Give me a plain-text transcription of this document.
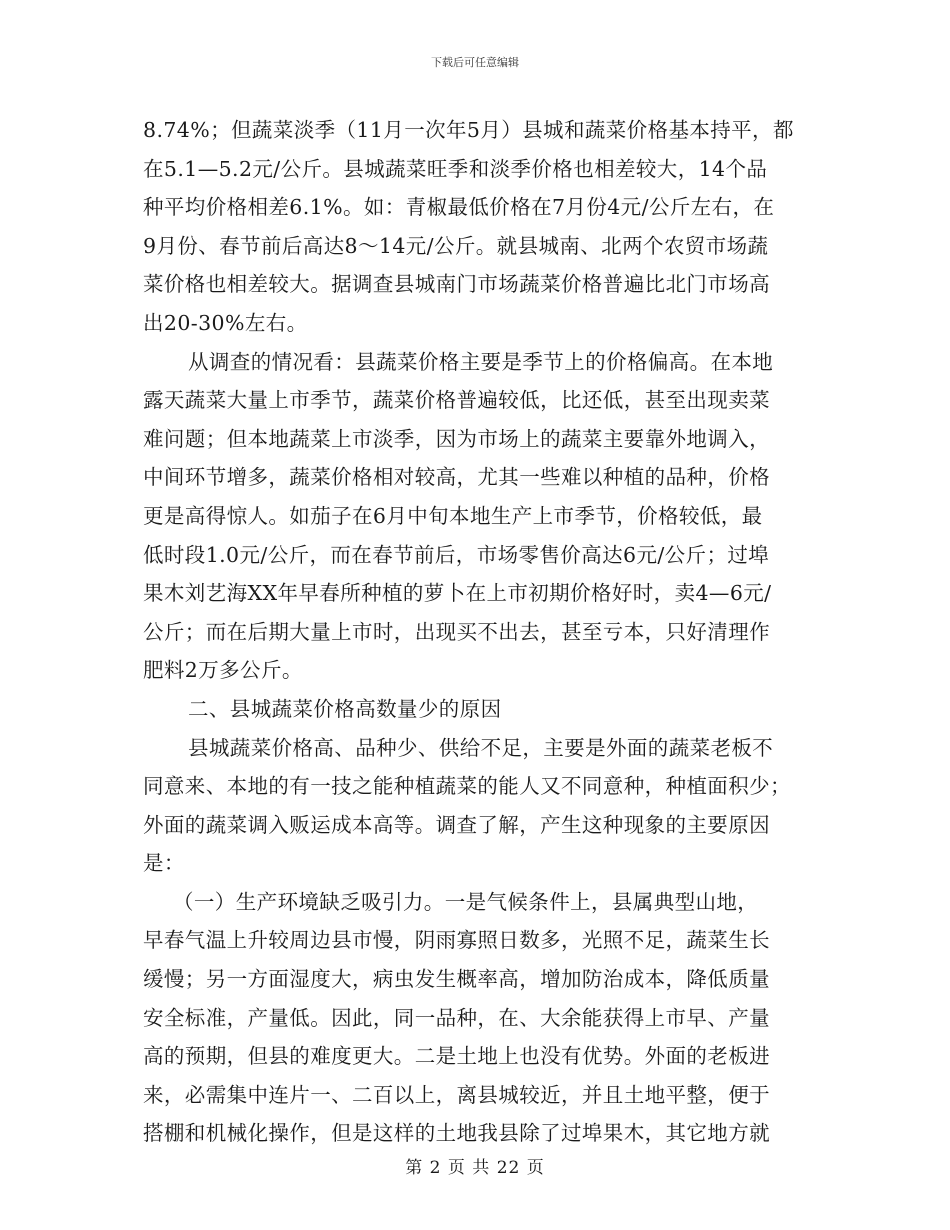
下载后可任意编辑
8.74%；但蔬菜淡季（11月一次年5月）县城和蔬菜价格基本持平，都
在5.1—5.2元/公斤。县城蔬菜旺季和淡季价格也相差较大，14个品
种平均价格相差6.1%。如：青椒最低价格在7月份4元/公斤左右，在
9月份、春节前后高达8～14元/公斤。就县城南、北两个农贸市场蔬
菜价格也相差较大。据调查县城南门市场蔬菜价格普遍比北门市场高
出20-30%左右。
从调查的情况看：县蔬菜价格主要是季节上的价格偏高。在本地
露天蔬菜大量上市季节，蔬菜价格普遍较低，比还低，甚至出现卖菜
难问题；但本地蔬菜上市淡季，因为市场上的蔬菜主要靠外地调入，
中间环节增多，蔬菜价格相对较高，尤其一些难以种植的品种，价格
更是高得惊人。如茄子在6月中旬本地生产上市季节，价格较低，最
低时段1.0元/公斤，而在春节前后，市场零售价高达6元/公斤；过埠
果木刘艺海XX年早春所种植的萝卜在上市初期价格好时，卖4—6元/
公斤；而在后期大量上市时，出现买不出去，甚至亏本，只好清理作
肥料2万多公斤。
二、县城蔬菜价格高数量少的原因
县城蔬菜价格高、品种少、供给不足，主要是外面的蔬菜老板不
同意来、本地的有一技之能种植蔬菜的能人又不同意种，种植面积少；
外面的蔬菜调入贩运成本高等。调查了解，产生这种现象的主要原因
是：
（一）生产环境缺乏吸引力。一是气候条件上，县属典型山地，
早春气温上升较周边县市慢，阴雨寡照日数多，光照不足，蔬菜生长
缓慢；另一方面湿度大，病虫发生概率高，增加防治成本，降低质量
安全标准，产量低。因此，同一品种，在、大余能获得上市早、产量
高的预期，但县的难度更大。二是土地上也没有优势。外面的老板进
来，必需集中连片一、二百以上，离县城较近，并且土地平整，便于
搭棚和机械化操作，但是这样的土地我县除了过埠果木，其它地方就
第 2 页 共 22 页
